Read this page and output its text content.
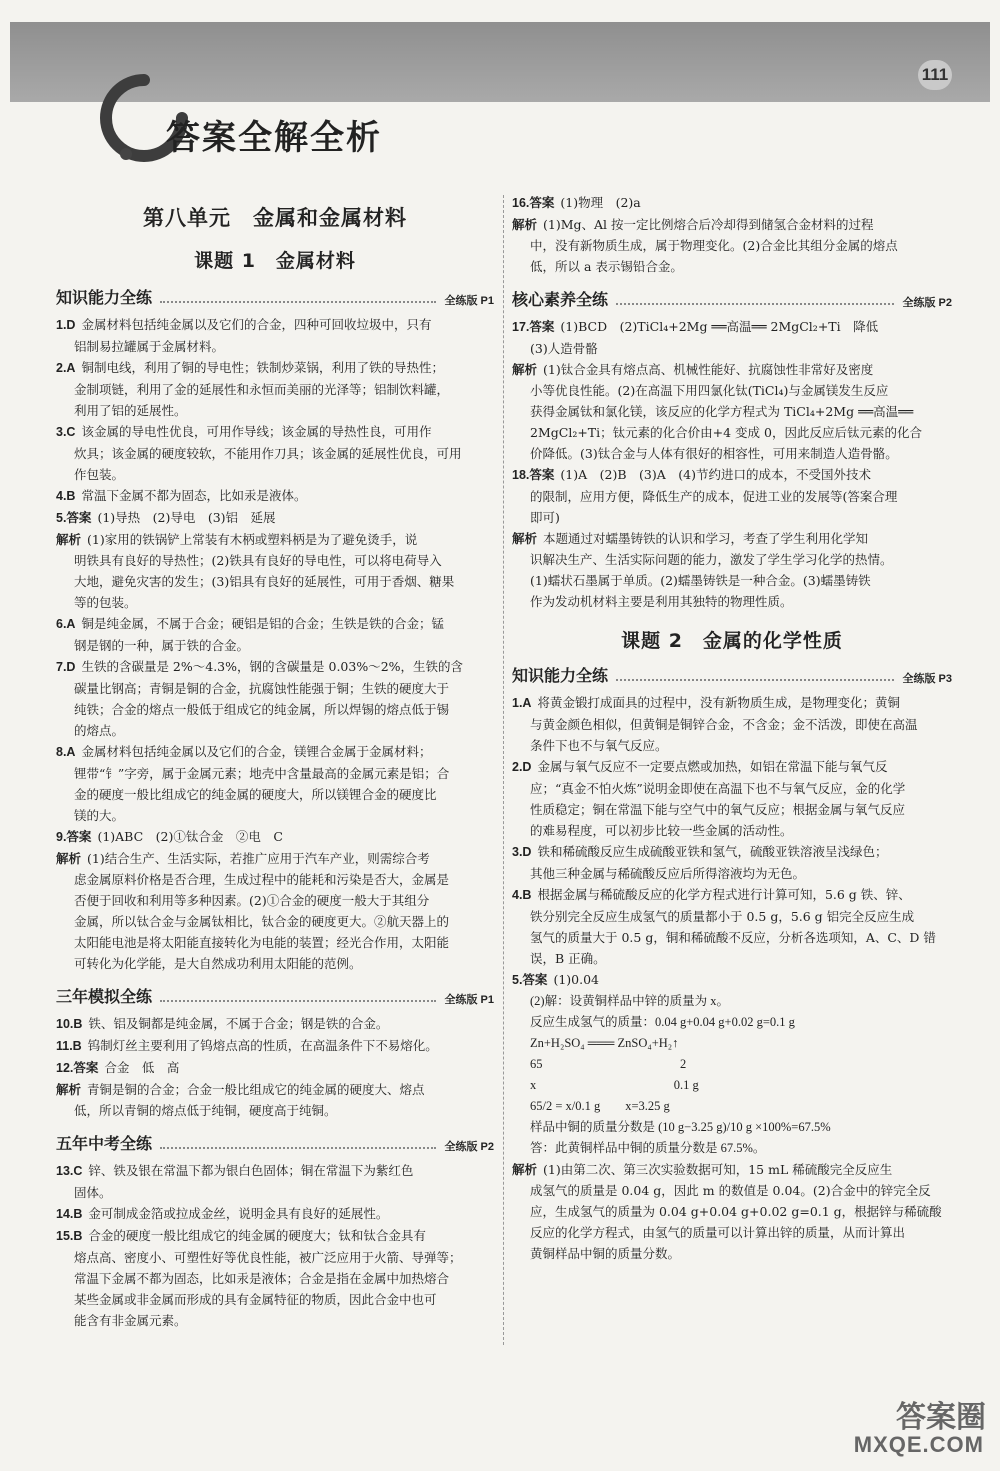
111
答案全解全析
第八单元　金属和金属材料
课题 1　金属材料
知识能力全练	全练版 P1

1.D 金属材料包括纯金属以及它们的合金，四种可回收垃圾中，只有

铝制易拉罐属于金属材料。

2.A 铜制电线，利用了铜的导电性；铁制炒菜锅，利用了铁的导热性；

金制项链，利用了金的延展性和永恒而美丽的光泽等；铝制饮料罐，

利用了铝的延展性。

3.C 该金属的导电性优良，可用作导线；该金属的导热性良，可用作

炊具；该金属的硬度较软，不能用作刀具；该金属的延展性优良，可用

作包装。

4.B 常温下金属不都为固态，比如汞是液体。

5.答案 (1)导热　(2)导电　(3)铝　延展

解析 (1)家用的铁锅铲上常装有木柄或塑料柄是为了避免烫手，说

明铁具有良好的导热性；(2)铁具有良好的导电性，可以将电荷导入

大地，避免灾害的发生；(3)铝具有良好的延展性，可用于香烟、糖果

等的包装。

6.A 铜是纯金属，不属于合金；硬铝是铝的合金；生铁是铁的合金；锰

钢是钢的一种，属于铁的合金。

7.D 生铁的含碳量是 2%～4.3%，钢的含碳量是 0.03%～2%，生铁的含

碳量比钢高；青铜是铜的合金，抗腐蚀性能强于铜；生铁的硬度大于

纯铁；合金的熔点一般低于组成它的纯金属，所以焊锡的熔点低于锡

的熔点。

8.A 金属材料包括纯金属以及它们的合金，镁锂合金属于金属材料；

锂带“钅”字旁，属于金属元素；地壳中含量最高的金属元素是铝；合

金的硬度一般比组成它的纯金属的硬度大，所以镁锂合金的硬度比

镁的大。

9.答案 (1)ABC　(2)①钛合金　②电　C

解析 (1)结合生产、生活实际，若推广应用于汽车产业，则需综合考

虑金属原料价格是否合理，生成过程中的能耗和污染是否大，金属是

否便于回收和利用等多种因素。(2)①合金的硬度一般大于其组分

金属，所以钛合金与金属钛相比，钛合金的硬度更大。②航天器上的

太阳能电池是将太阳能直接转化为电能的装置；经光合作用，太阳能

可转化为化学能，是大自然成功利用太阳能的范例。

三年模拟全练	全练版 P1

10.B 铁、铝及铜都是纯金属，不属于合金；钢是铁的合金。

11.B 钨制灯丝主要利用了钨熔点高的性质，在高温条件下不易熔化。

12.答案 合金　低　高

解析 青铜是铜的合金；合金一般比组成它的纯金属的硬度大、熔点

低，所以青铜的熔点低于纯铜，硬度高于纯铜。

五年中考全练	全练版 P2

13.C 锌、铁及银在常温下都为银白色固体；铜在常温下为紫红色

固体。

14.B 金可制成金箔或拉成金丝，说明金具有良好的延展性。

15.B 合金的硬度一般比组成它的纯金属的硬度大；钛和钛合金具有

熔点高、密度小、可塑性好等优良性能，被广泛应用于火箭、导弹等；

常温下金属不都为固态，比如汞是液体；合金是指在金属中加热熔合

某些金属或非金属而形成的具有金属特征的物质，因此合金中也可

能含有非金属元素。

16.答案 (1)物理　(2)a

解析 (1)Mg、Al 按一定比例熔合后冷却得到储氢合金材料的过程

中，没有新物质生成，属于物理变化。(2)合金比其组分金属的熔点

低，所以 a 表示锡铅合金。

核心素养全练	全练版 P2

17.答案 (1)BCD　(2)TiCl₄+2Mg ══高温══ 2MgCl₂+Ti　降低

(3)人造骨骼

解析 (1)钛合金具有熔点高、机械性能好、抗腐蚀性非常好及密度

小等优良性能。(2)在高温下用四氯化钛(TiCl₄)与金属镁发生反应

获得金属钛和氯化镁，该反应的化学方程式为 TiCl₄+2Mg ══高温══

2MgCl₂+Ti；钛元素的化合价由+4 变成 0，因此反应后钛元素的化合

价降低。(3)钛合金与人体有很好的相容性，可用来制造人造骨骼。

18.答案 (1)A　(2)B　(3)A　(4)节约进口的成本，不受国外技术

的限制，应用方便，降低生产的成本，促进工业的发展等(答案合理

即可)

解析 本题通过对蠕墨铸铁的认识和学习，考查了学生利用化学知

识解决生产、生活实际问题的能力，激发了学生学习化学的热情。

(1)蠕状石墨属于单质。(2)蠕墨铸铁是一种合金。(3)蠕墨铸铁

作为发动机材料主要是利用其独特的物理性质。

课题 2　金属的化学性质
知识能力全练	全练版 P3

1.A 将黄金锻打成面具的过程中，没有新物质生成，是物理变化；黄铜

与黄金颜色相似，但黄铜是铜锌合金，不含金；金不活泼，即使在高温

条件下也不与氧气反应。

2.D 金属与氧气反应不一定要点燃或加热，如铝在常温下能与氧气反

应；“真金不怕火炼”说明金即使在高温下也不与氧气反应，金的化学

性质稳定；铜在常温下能与空气中的氧气反应；根据金属与氧气反应

的难易程度，可以初步比较一些金属的活动性。

3.D 铁和稀硫酸反应生成硫酸亚铁和氢气，硫酸亚铁溶液呈浅绿色；

其他三种金属与稀硫酸反应后所得溶液均为无色。

4.B 根据金属与稀硫酸反应的化学方程式进行计算可知，5.6 g 铁、锌、

铁分别完全反应生成氢气的质量都小于 0.5 g，5.6 g 铝完全反应生成

氢气的质量大于 0.5 g，铜和稀硫酸不反应，分析各选项知，A、C、D 错

误，B 正确。

5.答案 (1)0.04

(2)解：设黄铜样品中锌的质量为 x。

反应生成氢气的质量：0.04 g+0.04 g+0.02 g=0.1 g

Zn+H₂SO₄ ═══ ZnSO₄+H₂↑

65　　　　　　　　　　　2

x　　　　　　　　　　　0.1 g

65/2 = x/0.1 g　　x=3.25 g

样品中铜的质量分数是 (10 g−3.25 g)/10 g ×100%=67.5%

答：此黄铜样品中铜的质量分数是 67.5%。

解析 (1)由第二次、第三次实验数据可知，15 mL 稀硫酸完全反应生

成氢气的质量是 0.04 g，因此 m 的数值是 0.04。(2)合金中的锌完全反

应，生成氢气的质量为 0.04 g+0.04 g+0.02 g=0.1 g，根据锌与稀硫酸

反应的化学方程式，由氢气的质量可以计算出锌的质量，从而计算出

黄铜样品中铜的质量分数。

答案圈
MXQE.COM
